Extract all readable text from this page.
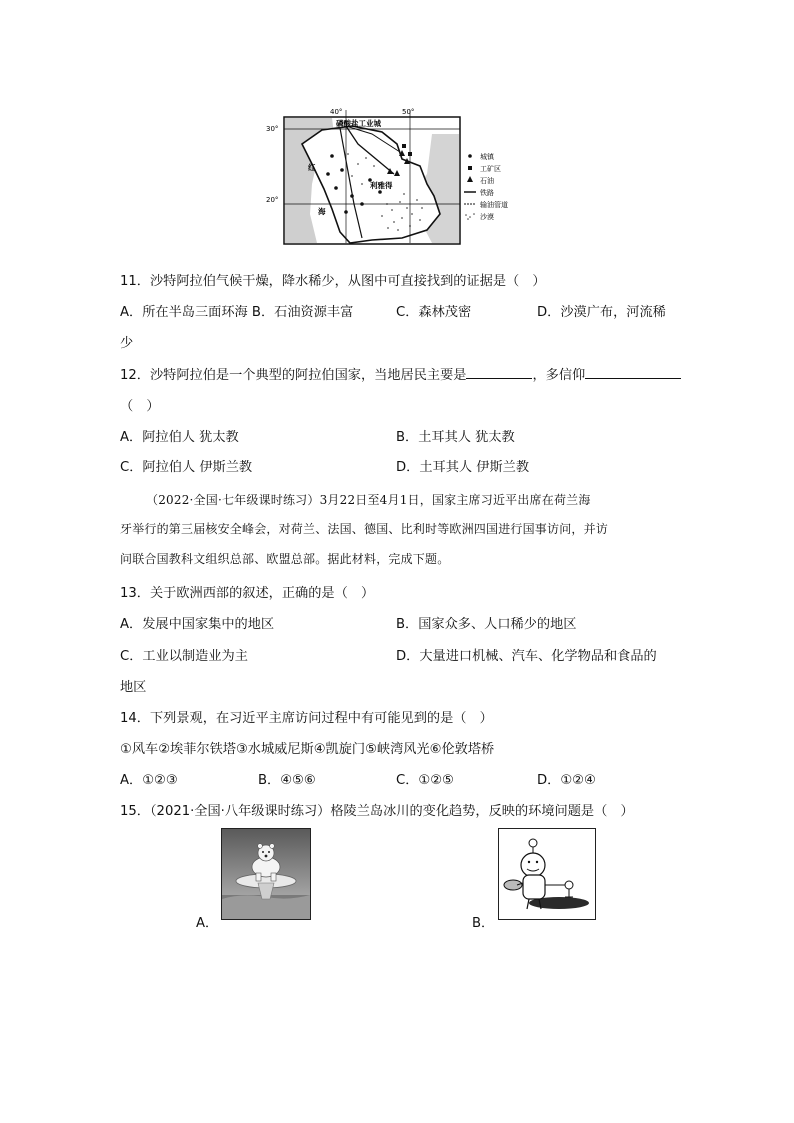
40°	50°
30°
20°
磷酸盐工业城
红
海
利雅得
城镇
工矿区
石油
铁路
输油管道
沙漠
11．沙特阿拉伯气候干燥，降水稀少，从图中可直接找到的证据是（　）
A．所在半岛三面环海 B．石油资源丰富	C．森林茂密	D．沙漠广布，河流稀
少
12．沙特阿拉伯是一个典型的阿拉伯国家，当地居民主要是	，多信仰
（　）
A．阿拉伯人 犹太教	B．土耳其人 犹太教
C．阿拉伯人 伊斯兰教	D．土耳其人 伊斯兰教
（2022·全国·七年级课时练习）3月22日至4月1日，国家主席习近平出席在荷兰海
牙举行的第三届核安全峰会，对荷兰、法国、德国、比利时等欧洲四国进行国事访问，并访
问联合国教科文组织总部、欧盟总部。据此材料，完成下题。
13．关于欧洲西部的叙述，正确的是（　）
A．发展中国家集中的地区	B．国家众多、人口稀少的地区
C．工业以制造业为主	D．大量进口机械、汽车、化学物品和食品的
地区
14．下列景观，在习近平主席访问过程中有可能见到的是（　）
①风车②埃菲尔铁塔③水城威尼斯④凯旋门⑤峡湾风光⑥伦敦塔桥
A．①②③	B．④⑤⑥	C．①②⑤	D．①②④
15．（2021·全国·八年级课时练习）格陵兰岛冰川的变化趋势，反映的环境问题是（　）
A．	B．
